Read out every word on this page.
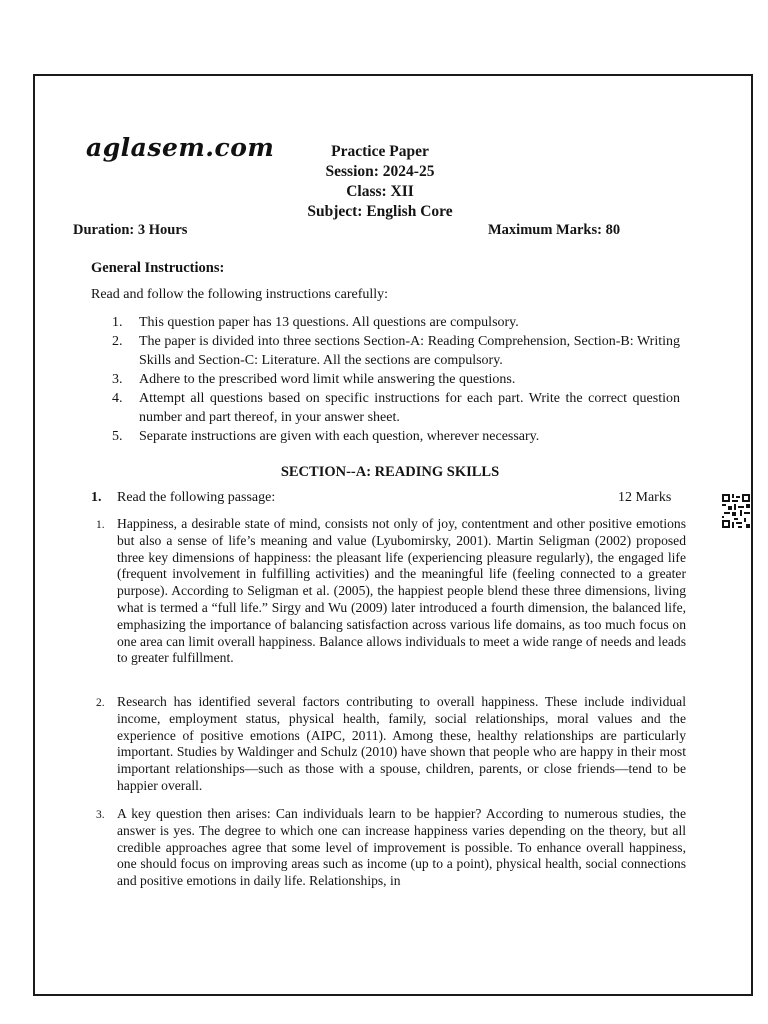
aglasem.com	Practice Paper
Session: 2024-25
Class: XII
Subject: English Core
Duration: 3 Hours	Maximum Marks: 80
General Instructions:
Read and follow the following instructions carefully:
1.	This question paper has 13 questions. All questions are compulsory.
2.	The paper is divided into three sections Section-A: Reading Comprehension, Section-B: Writing Skills and Section-C: Literature. All the sections are compulsory.
3.	Adhere to the prescribed word limit while answering the questions.
4.	Attempt all questions based on specific instructions for each part. Write the correct question number and part thereof, in your answer sheet.
5.	Separate instructions are given with each question, wherever necessary.
SECTION--A: READING SKILLS
1. Read the following passage:	12 Marks
1. Happiness, a desirable state of mind, consists not only of joy, contentment and other positive emotions but also a sense of life’s meaning and value (Lyubomirsky, 2001). Martin Seligman (2002) proposed three key dimensions of happiness: the pleasant life (experiencing pleasure regularly), the engaged life (frequent involvement in fulfilling activities) and the meaningful life (feeling connected to a greater purpose). According to Seligman et al. (2005), the happiest people blend these three dimensions, living what is termed a “full life.” Sirgy and Wu (2009) later introduced a fourth dimension, the balanced life, emphasizing the importance of balancing satisfaction across various life domains, as too much focus on one area can limit overall happiness. Balance allows individuals to meet a wide range of needs and leads to greater fulfillment.
2. Research has identified several factors contributing to overall happiness. These include individual income, employment status, physical health, family, social relationships, moral values and the experience of positive emotions (AIPC, 2011). Among these, healthy relationships are particularly important. Studies by Waldinger and Schulz (2010) have shown that people who are happy in their most important relationships—such as those with a spouse, children, parents, or close friends—tend to be happier overall.
3. A key question then arises: Can individuals learn to be happier? According to numerous studies, the answer is yes. The degree to which one can increase happiness varies depending on the theory, but all credible approaches agree that some level of improvement is possible. To enhance overall happiness, one should focus on improving areas such as income (up to a point), physical health, social connections and positive emotions in daily life. Relationships, in
